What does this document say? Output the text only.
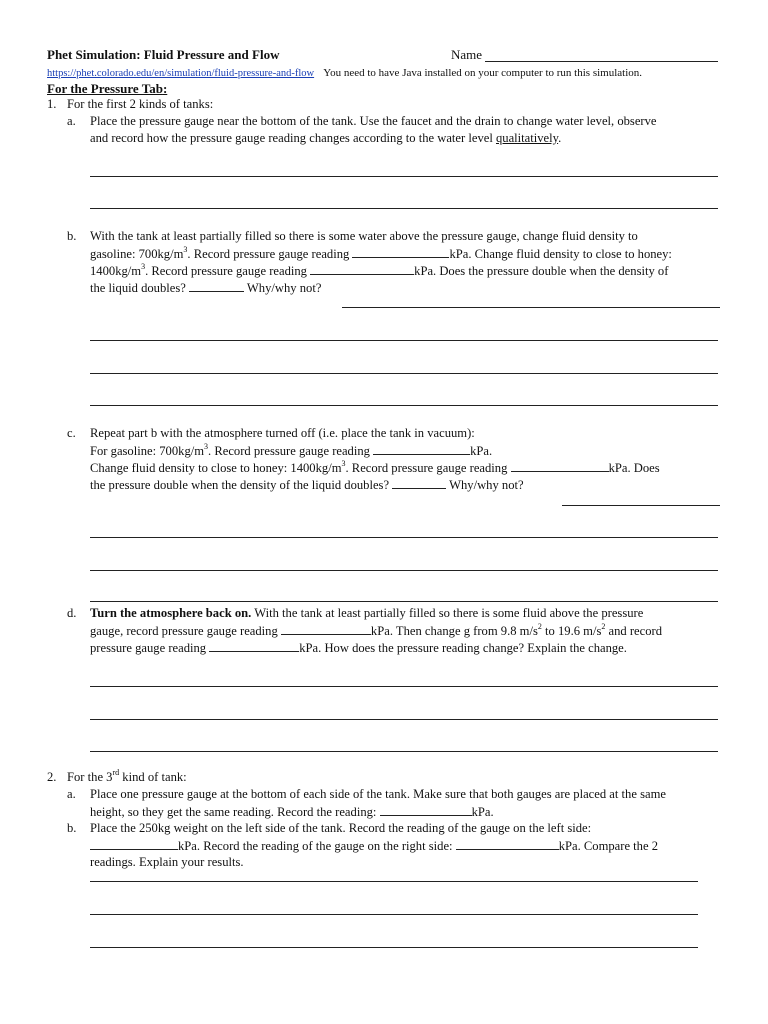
Phet Simulation: Fluid Pressure and Flow	Name
https://phet.colorado.edu/en/simulation/fluid-pressure-and-flow You need to have Java installed on your computer to run this simulation.
For the Pressure Tab:
1. For the first 2 kinds of tanks:
a. Place the pressure gauge near the bottom of the tank. Use the faucet and the drain to change water level, observe
and record how the pressure gauge reading changes according to the water level qualitatively.
b. With the tank at least partially filled so there is some water above the pressure gauge, change fluid density to
gasoline: $700kg/m^3$. Record pressure gauge reading	kPa. Change fluid density to close to honey:
$1400kg/m^3$. Record pressure gauge reading	kPa. Does the pressure double when the density of
the liquid doubles?	Why/why not?
c. Repeat part b with the atmosphere turned off (i.e. place the tank in vacuum):
For gasoline: $700kg/m^3$. Record pressure gauge reading	kPa.
Change fluid density to close to honey: $1400kg/m^3$. Record pressure gauge reading	kPa. Does
the pressure double when the density of the liquid doubles?	Why/why not?
d. Turn the atmosphere back on. With the tank at least partially filled so there is some fluid above the pressure
gauge, record pressure gauge reading	kPa. Then change g from 9.8 $m/s^2$ to 19.6 $m/s^2$ and record
pressure gauge reading	kPa. How does the pressure reading change? Explain the change.
2. For the 3rd kind of tank:
a. Place one pressure gauge at the bottom of each side of the tank. Make sure that both gauges are placed at the same
height, so they get the same reading. Record the reading:	kPa.
b. Place the 250kg weight on the left side of the tank. Record the reading of the gauge on the left side:
kPa. Record the reading of the gauge on the right side:	kPa. Compare the 2
readings. Explain your results.
